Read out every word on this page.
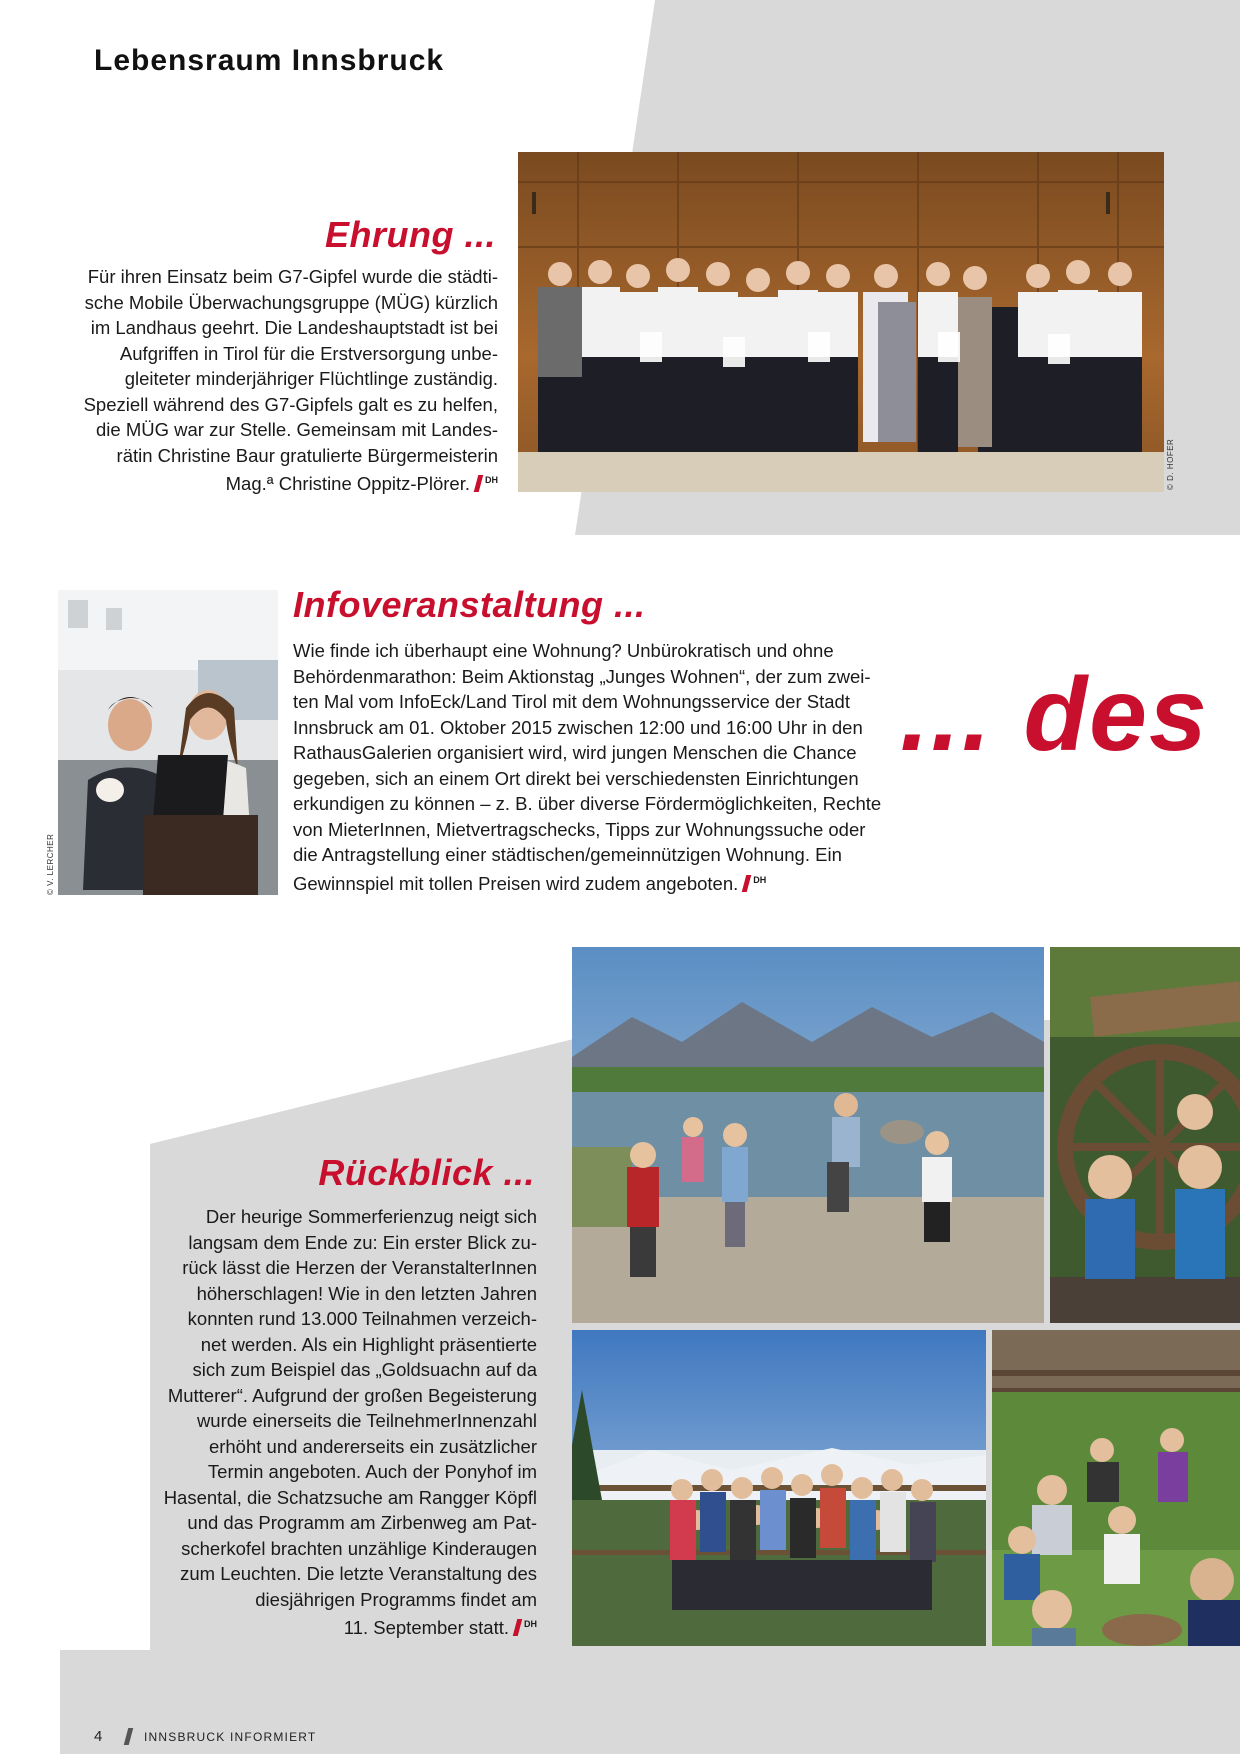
Lebensraum Innsbruck
Ehrung ...
Für ihren Einsatz beim G7-Gipfel wurde die städti-
sche Mobile Überwachungsgruppe (MÜG) kürzlich
im Landhaus geehrt. Die Landeshauptstadt ist bei
Aufgriffen in Tirol für die Erstversorgung unbe-
gleiteter minderjähriger Flüchtlinge zuständig.
Speziell während des G7-Gipfels galt es zu helfen,
die MÜG war zur Stelle. Gemeinsam mit Landes-
rätin Christine Baur gratulierte Bürgermeisterin
Mag.ª Christine Oppitz-Plörer. $^{DH}$	© D. HOFER
© V. LERCHER
Infoveranstaltung ...
Wie finde ich überhaupt eine Wohnung? Unbürokratisch und ohne
Behördenmarathon: Beim Aktionstag „Junges Wohnen“, der zum zwei-
ten Mal vom InfoEck/Land Tirol mit dem Wohnungsservice der Stadt
Innsbruck am 01. Oktober 2015 zwischen 12:00 und 16:00 Uhr in den
RathausGalerien organisiert wird, wird jungen Menschen die Chance
gegeben, sich an einem Ort direkt bei verschiedensten Einrichtungen
erkundigen zu können – z. B. über diverse Fördermöglichkeiten, Rechte
von MieterInnen, Mietvertragschecks, Tipps zur Wohnungssuche oder
die Antragstellung einer städtischen/gemeinnützigen Wohnung. Ein
Gewinnspiel mit tollen Preisen wird zudem angeboten. $^{DH}$
... des
Rückblick ...
Der heurige Sommerferienzug neigt sich
langsam dem Ende zu: Ein erster Blick zu-
rück lässt die Herzen der VeranstalterInnen
höherschlagen! Wie in den letzten Jahren
konnten rund 13.000 Teilnahmen verzeich-
net werden. Als ein Highlight präsentierte
sich zum Beispiel das „Goldsuachn auf da
Mutterer“. Aufgrund der großen Begeisterung
wurde einerseits die TeilnehmerInnenzahl
erhöht und andererseits ein zusätzlicher
Termin angeboten. Auch der Ponyhof im
Hasental, die Schatzsuche am Rangger Köpfl
und das Programm am Zirbenweg am Pat-
scherkofel brachten unzählige Kinderaugen
zum Leuchten. Die letzte Veranstaltung des
diesjährigen Programms findet am
11. September statt. $^{DH}$
4	INNSBRUCK INFORMIERT
